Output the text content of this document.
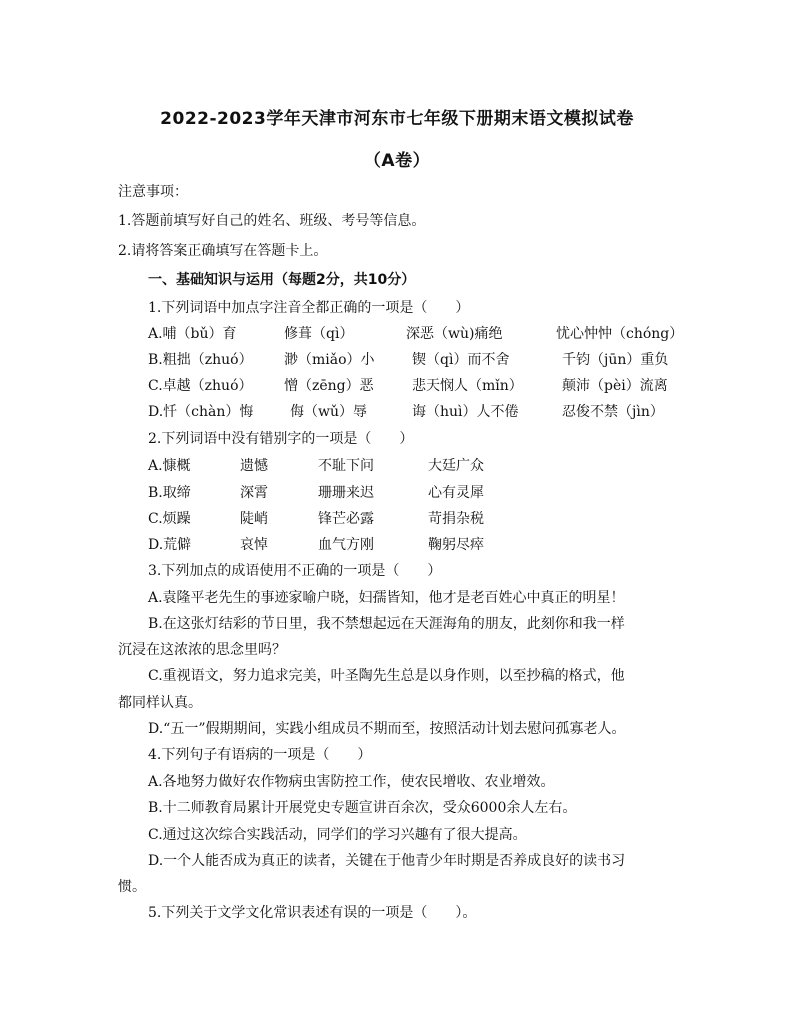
2022-2023学年天津市河东市七年级下册期末语文模拟试卷
（A卷）
注意事项：
1.答题前填写好自己的姓名、班级、考号等信息。
2.请将答案正确填写在答题卡上。
一、基础知识与运用（每题2分，共10分）
1.下列词语中加点字注音全都正确的一项是（　　）
A.哺（bǔ）育	修葺（qì）	深恶（wù)痛绝	忧心忡忡（chóng）
B.粗拙（zhuó） 渺（miǎo）小	锲（qì）而不舍	千钧（jūn）重负
C.卓越（zhuó） 憎（zēng）恶	悲天悯人（mǐn）	颠沛（pèi）流离
D.忏（chàn）悔	侮（wǔ）辱	诲（huì）人不倦	忍俊不禁（jìn）
2.下列词语中没有错别字的一项是（　　）
A.慷概	遗憾	不耻下问	大廷广众
B.取缔	深霄	珊珊来迟	心有灵犀
C.烦躁	陡峭	锋芒必露	苛捐杂税
D.荒僻	哀悼	血气方刚	鞠躬尽瘁
3.下列加点的成语使用不正确的一项是（　　）
A.袁隆平老先生的事迹家喻户晓，妇孺皆知，他才是老百姓心中真正的明星！
B.在这张灯结彩的节日里，我不禁想起远在天涯海角的朋友，此刻你和我一样
沉浸在这浓浓的思念里吗？
C.重视语文，努力追求完美，叶圣陶先生总是以身作则，以至抄稿的格式，他
都同样认真。
D.“五一”假期期间，实践小组成员不期而至，按照活动计划去慰问孤寡老人。
4.下列句子有语病的一项是（　　）
A.各地努力做好农作物病虫害防控工作，使农民增收、农业增效。
B.十二师教育局累计开展党史专题宣讲百余次，受众6000余人左右。
C.通过这次综合实践活动，同学们的学习兴趣有了很大提高。
D.一个人能否成为真正的读者，关键在于他青少年时期是否养成良好的读书习
惯。
5.下列关于文学文化常识表述有误的一项是（　　）。
